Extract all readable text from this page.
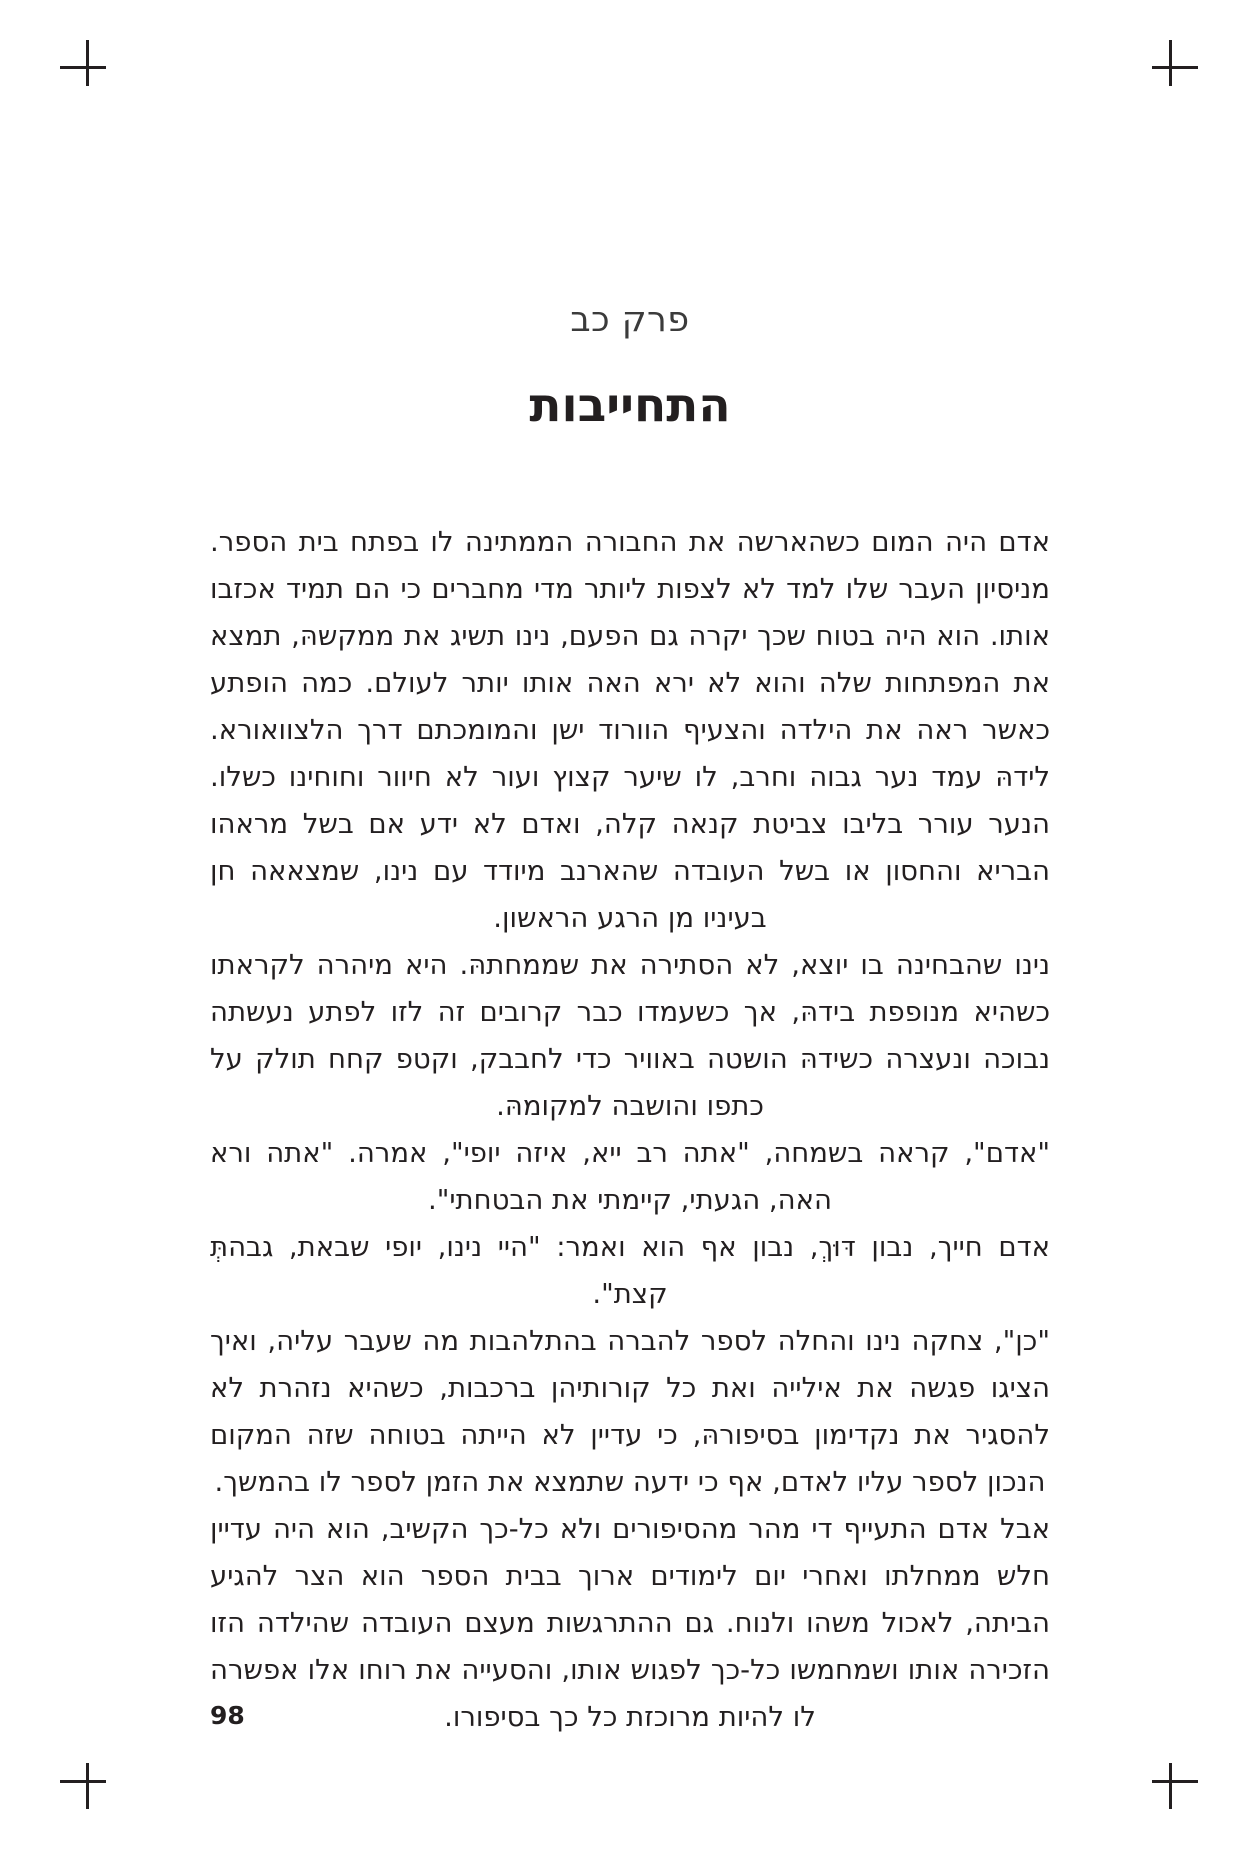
פרק כב
התחייבות

אדם היה המום כשהארשה את החבורה הממתינה לו בפתח בית הספר. מניסיון העבר שלו למד לא לצפות ליותר מדי מחברים כי הם תמיד אכזבו אותו. הוא היה בטוח שכך יקרה גם הפעם, נינו תשיג את ממקשהּ, תמצא את המפתחות שלה והוא לא ירא האה אותו יותר לעולם. כמה הופתע כאשר ראה את הילדה והצעיף הוורוד ישן והמומכתם דרך הלצוואורא. לידהּ עמד נער גבוה וחרב, לו שיער קצוץ ועור לא חיוור וחוחינו כשלו. הנער עורר בליבו צביטת קנאה קלה, ואדם לא ידע אם בשל מראהו הבריא והחסון או בשל העובדה שהארנב מיודד עם נינו, שמצאאה חן בעיניו מן הרגע הראשון.

נינו שהבחינה בו יוצא, לא הסתירה את שממחתהּ. היא מיהרה לקראתו כשהיא מנופפת בידהּ, אך כשעמדו כבר קרובים זה לזו לפתע נעשתה נבוכה ונעצרה כשידהּ הושטה באוויר כדי לחבבק, וקטפ קחח תולק על כתפו והושבה למקומהּ.

"אדם", קראה בשמחה, "אתה רב ייא, איזה יופי", אמרה. "אתה ורא האה, הגעתי, קיימתי את הבטחתי".

אדם חייך, נבון דּוּךְ, נבון אף הוא ואמר: "היי נינו, יופי שבאת, גבהתְּ קצת".

"כן", צחקה נינו והחלה לספר להברה בהתלהבות מה שעבר עליה, ואיך הציגו פגשה את אילייה ואת כל קורותיהן ברכבות, כשהיא נזהרת לא להסגיר את נקדימון בסיפורהּ, כי עדיין לא הייתה בטוחה שזה המקום הנכון לספר עליו לאדם, אף כי ידעה שתמצא את הזמן לספר לו בהמשך.

אבל אדם התעייף די מהר מהסיפורים ולא כל-כך הקשיב, הוא היה עדיין חלש ממחלתו ואחרי יום לימודים ארוך בבית הספר הוא הצר להגיע הביתה, לאכול משהו ולנוח. גם ההתרגשות מעצם העובדה שהילדה הזו הזכירה אותו ושמחמשו כל-כך לפגוש אותו, והסעייה את רוחו אלו אפשרה לו להיות מרוכזת כל כך בסיפורו.

98
